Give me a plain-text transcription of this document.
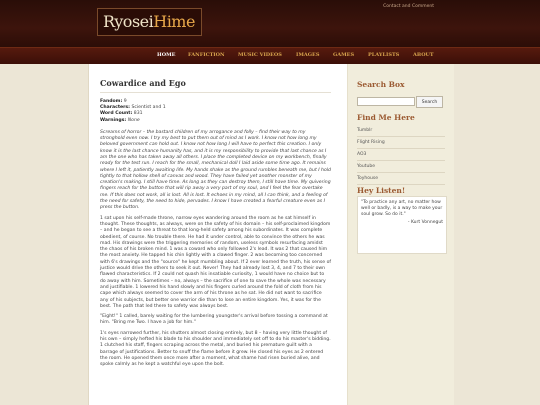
RyoseiHime
Contact and Comment
HOME	FANFICTION	MUSIC VIDEOS	IMAGES	GAMES	PLAYLISTS	ABOUT
Cowardice and Ego
Fandom: 9
Characters: Scientist and 1
Word Count: 831
Warnings: None

Screams of horror – the bastard children of my arrogance and folly – find their way to my stronghold even now. I try my best to put them out of mind as I work. I know not how long my beloved government can hold out. I know not how long I will have to perfect this creation. I only know it is the last chance humanity has, and it is my responsibility to provide that last chance as I am the one who has taken away all others. I place the completed device on my workbench, finally ready for the test run. I reach for the small, mechanical doll I laid aside some time ago. It remains where I left it, patiently awaiting life. My hands shake as the ground rumbles beneath me, but I hold tightly to that hollow shell of canvas and wood. They have failed yet another monster of my creation's making. I still have time. As long as they can destroy them, I still have time. My quivering fingers reach for the button that will rip away a very part of my soul, and I feel the fear overtake me. If this does not work, all is lost. All is lost. It echoes in my mind, all I can think, and a feeling of the need for safety, the need to hide, pervades. I know I have created a fearful creature even as I press the button.

1 sat upon his self-made throne, narrow eyes wandering around the room as he sat himself in thought. These thoughts, as always, were on the safety of his domain – his self-proclaimed kingdom – and he began to see a threat to that long-held safety among his subordinates. It was complete obedient, of course. No trouble there. He had it under control, able to convince the others he was mad. His drawings were the triggering memories of random, useless symbols resurfacing amidst the chaos of his broken mind. 1 was a coward who only followed 2's lead. It was 2 that caused him the most anxiety. He tapped his chin lightly with a clawed finger. 2 was becoming too concerned with 6's drawings and the "source" he kept mumbling about. If 2 ever learned the truth, his sense of justice would drive the others to seek it out. Never! They had already lost 3, 4, and 7 to their own flawed characteristics. If 2 could not quash his insatiable curiosity, 1 would have no choice but to do away with him. Sometimes – no, always – the sacrifice of one to save the whole was necessary and justifiable. 1 lowered his hand slowly and his fingers curled around the fold of cloth from his cape which always seemed to cover the arm of his throne as he sat. He did not want to sacrifice any of his subjects, but better one warrior die than to lose an entire kingdom. Yes, it was for the best. The path that led there to safety was always best.

"Eight!" 1 called, barely waiting for the lumbering youngster's arrival before tossing a command at him. "Bring me Two. I have a job for him."

1's eyes narrowed further, his shutters almost closing entirely, but 8 – having very little thought of his own – simply hefted his blade to his shoulder and immediately set off to do his master's bidding. 1 clutched his staff, fingers scraping across the metal, and buried his premature guilt with a barrage of justifications. Better to snuff the flame before it grew. He closed his eyes as 2 entered the room. He opened them once more after a moment, what shame had risen buried alive, and spoke calmly as he kept a watchful eye upon the bolt.

Search Box
Search
Find Me Here
Tumblr
Flight Rising
AO3
Youtube
Toyhouse
Hey Listen!

"To practice any art, no matter how well or badly, is a way to make your soul grow. So do it."

- Kurt Vonnegut
